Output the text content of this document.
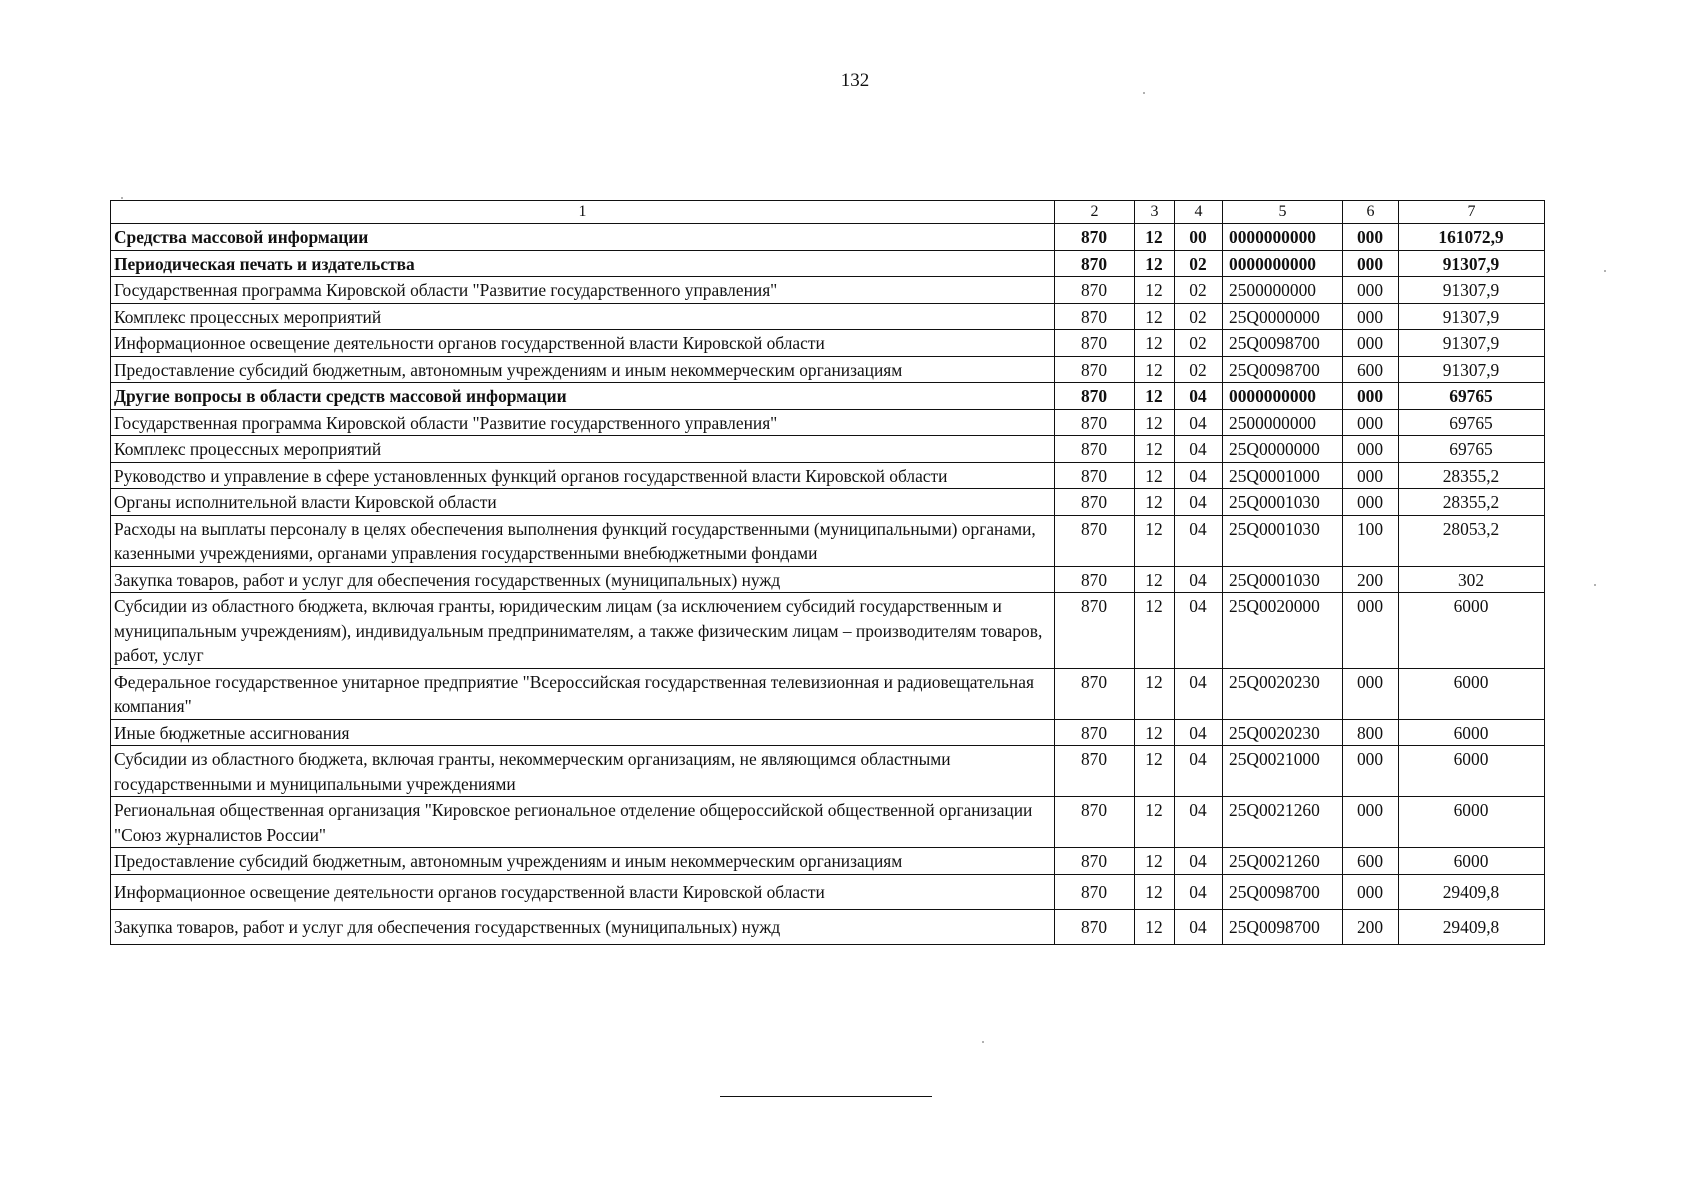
132
1	2	3	4	5	6	7
Средства массовой информации	870	12	00	0000000000	000	161072,9
Периодическая печать и издательства	870	12	02	0000000000	000	91307,9
Государственная программа Кировской области "Развитие государственного управления"	870	12	02	2500000000	000	91307,9
Комплекс процессных мероприятий	870	12	02	25Q0000000	000	91307,9
Информационное освещение деятельности органов государственной власти Кировской области	870	12	02	25Q0098700	000	91307,9
Предоставление субсидий бюджетным, автономным учреждениям и иным некоммерческим организациям	870	12	02	25Q0098700	600	91307,9
Другие вопросы в области средств массовой информации	870	12	04	0000000000	000	69765
Государственная программа Кировской области "Развитие государственного управления"	870	12	04	2500000000	000	69765
Комплекс процессных мероприятий	870	12	04	25Q0000000	000	69765
Руководство и управление в сфере установленных функций органов государственной власти Кировской области	870	12	04	25Q0001000	000	28355,2
Органы исполнительной власти Кировской области	870	12	04	25Q0001030	000	28355,2
Расходы на выплаты персоналу в целях обеспечения выполнения функций государственными (муниципальными) органами, казенными учреждениями, органами управления государственными внебюджетными фондами	870	12	04	25Q0001030	100	28053,2
Закупка товаров, работ и услуг для обеспечения государственных (муниципальных) нужд	870	12	04	25Q0001030	200	302
Субсидии из областного бюджета, включая гранты, юридическим лицам (за исключением субсидий государственным и муниципальным учреждениям), индивидуальным предпринимателям, а также физическим лицам – производителям товаров, работ, услуг	870	12	04	25Q0020000	000	6000
Федеральное государственное унитарное предприятие "Всероссийская государственная телевизионная и радиовещательная компания"	870	12	04	25Q0020230	000	6000
Иные бюджетные ассигнования	870	12	04	25Q0020230	800	6000
Субсидии из областного бюджета, включая гранты, некоммерческим организациям, не являющимся областными государственными и муниципальными учреждениями	870	12	04	25Q0021000	000	6000
Региональная общественная организация "Кировское региональное отделение общероссийской общественной организации "Союз журналистов России"	870	12	04	25Q0021260	000	6000
Предоставление субсидий бюджетным, автономным учреждениям и иным некоммерческим организациям	870	12	04	25Q0021260	600	6000
Информационное освещение деятельности органов государственной власти Кировской области	870	12	04	25Q0098700	000	29409,8
Закупка товаров, работ и услуг для обеспечения государственных (муниципальных) нужд	870	12	04	25Q0098700	200	29409,8
